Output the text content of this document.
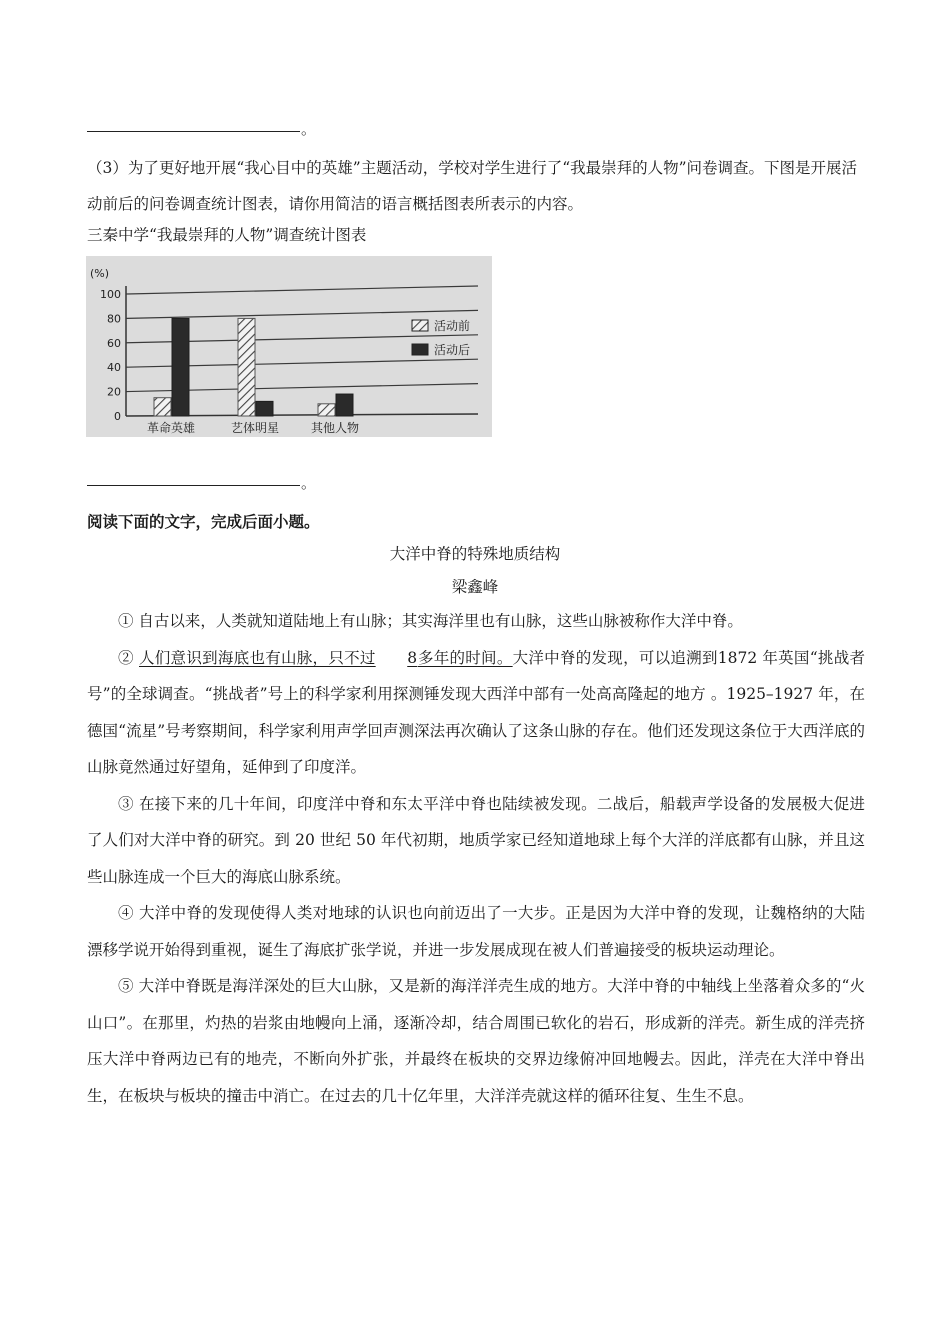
。

（3）为了更好地开展“我心目中的英雄”主题活动，学校对学生进行了“我最崇拜的人物”问卷调查。下图是开展活动前后的问卷调查统计图表，请你用简洁的语言概括图表所表示的内容。

三秦中学“我最崇拜的人物”调查统计图表
0
20
40
60
80
100
(%)
革命英雄	艺体明星	其他人物
活动前
活动后
。
阅读下面的文字，完成后面小题。
大洋中脊的特殊地质结构
梁鑫峰

① 自古以来，人类就知道陆地上有山脉；其实海洋里也有山脉，这些山脉被称作大洋中脊。

② 人们意识到海底也有山脉，只不过 8多年的时间。大洋中脊的发现，可以追溯到1872 年英国“挑战者号”的全球调查。“挑战者”号上的科学家利用探测锤发现大西洋中部有一处高高隆起的地方 。1925–1927 年，在德国“流星”号考察期间，科学家利用声学回声测深法再次确认了这条山脉的存在。他们还发现这条位于大西洋底的山脉竟然通过好望角，延伸到了印度洋。

③ 在接下来的几十年间，印度洋中脊和东太平洋中脊也陆续被发现。二战后，船载声学设备的发展极大促进了人们对大洋中脊的研究。到 20 世纪 50 年代初期，地质学家已经知道地球上每个大洋的洋底都有山脉，并且这些山脉连成一个巨大的海底山脉系统。

④ 大洋中脊的发现使得人类对地球的认识也向前迈出了一大步。正是因为大洋中脊的发现，让魏格纳的大陆漂移学说开始得到重视，诞生了海底扩张学说，并进一步发展成现在被人们普遍接受的板块运动理论。

⑤ 大洋中脊既是海洋深处的巨大山脉，又是新的海洋洋壳生成的地方。大洋中脊的中轴线上坐落着众多的“火山口”。在那里，灼热的岩浆由地幔向上涌，逐渐冷却，结合周围已软化的岩石，形成新的洋壳。新生成的洋壳挤压大洋中脊两边已有的地壳，不断向外扩张，并最终在板块的交界边缘俯冲回地幔去。因此，洋壳在大洋中脊出生，在板块与板块的撞击中消亡。在过去的几十亿年里，大洋洋壳就这样的循环往复、生生不息。
